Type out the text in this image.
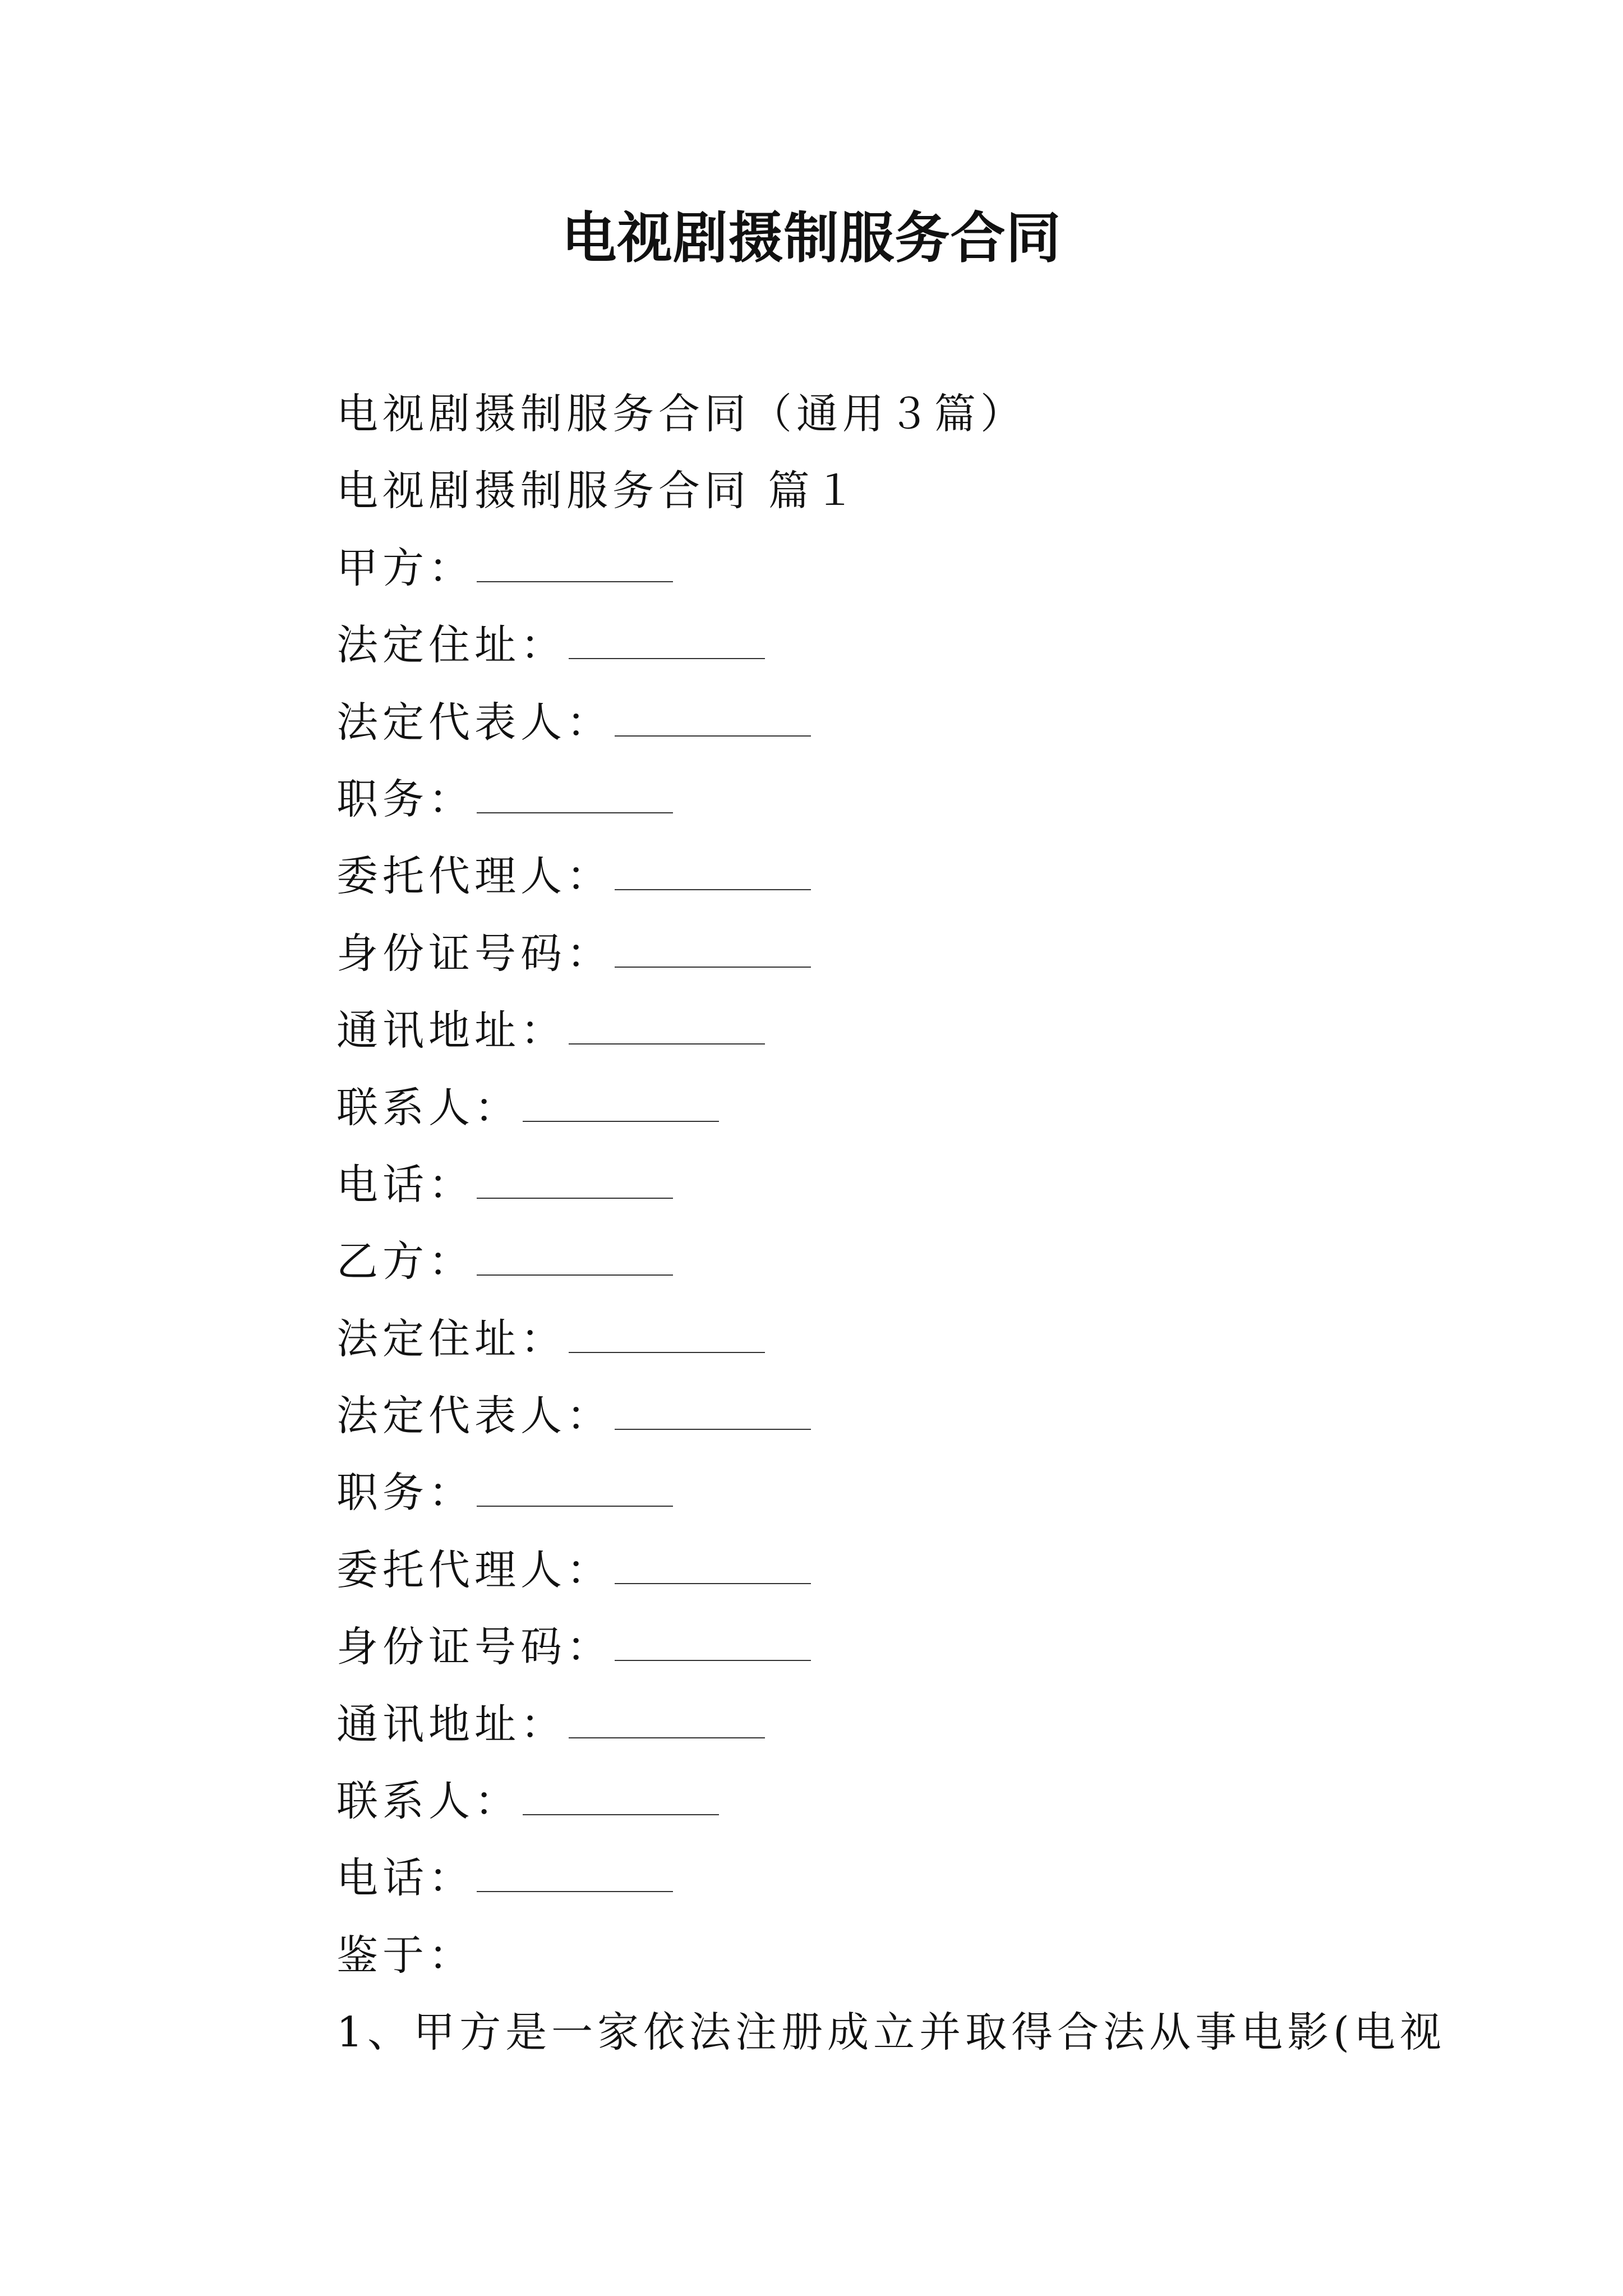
电视剧摄制服务合同
电视剧摄制服务合同（通用３篇）
电视剧摄制服务合同 篇１
甲方：
法定住址：
法定代表人：
职务：
委托代理人：
身份证号码：
通讯地址：
联系人：
电话：
乙方：
法定住址：
法定代表人：
职务：
委托代理人：
身份证号码：
通讯地址：
联系人：
电话：
鉴于：
1、甲方是一家依法注册成立并取得合法从事电影(电视
